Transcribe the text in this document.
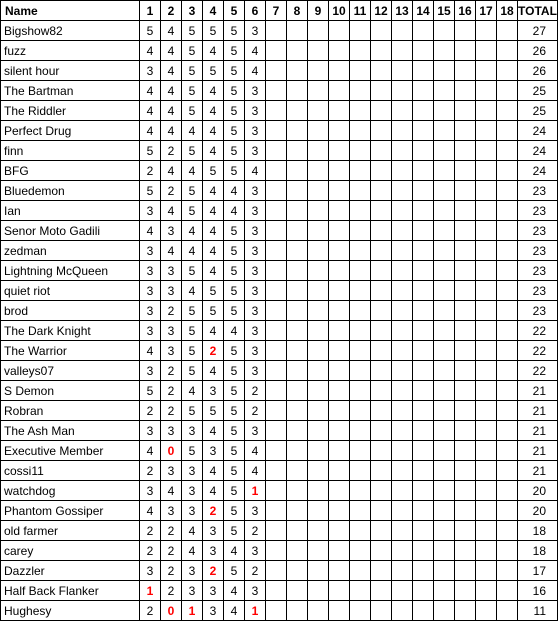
Name	1	2	3	4	5	6	7	8	9	10	11	12	13	14	15	16	17	18	TOTAL
Bigshow82	5	4	5	5	5	3													27
fuzz	4	4	5	4	5	4													26
silent hour	3	4	5	5	5	4													26
The Bartman	4	4	5	4	5	3													25
The Riddler	4	4	5	4	5	3													25
Perfect Drug	4	4	4	4	5	3													24
finn	5	2	5	4	5	3													24
BFG	2	4	4	5	5	4													24
Bluedemon	5	2	5	4	4	3													23
Ian	3	4	5	4	4	3													23
Senor Moto Gadili	4	3	4	4	5	3													23
zedman	3	4	4	4	5	3													23
Lightning McQueen	3	3	5	4	5	3													23
quiet riot	3	3	4	5	5	3													23
brod	3	2	5	5	5	3													23
The Dark Knight	3	3	5	4	4	3													22
The Warrior	4	3	5	2	5	3													22
valleys07	3	2	5	4	5	3													22
S Demon	5	2	4	3	5	2													21
Robran	2	2	5	5	5	2													21
The Ash Man	3	3	3	4	5	3													21
Executive Member	4	0	5	3	5	4													21
cossi11	2	3	3	4	5	4													21
watchdog	3	4	3	4	5	1													20
Phantom Gossiper	4	3	3	2	5	3													20
old farmer	2	2	4	3	5	2													18
carey	2	2	4	3	4	3													18
Dazzler	3	2	3	2	5	2													17
Half Back Flanker	1	2	3	3	4	3													16
Hughesy	2	0	1	3	4	1													11
